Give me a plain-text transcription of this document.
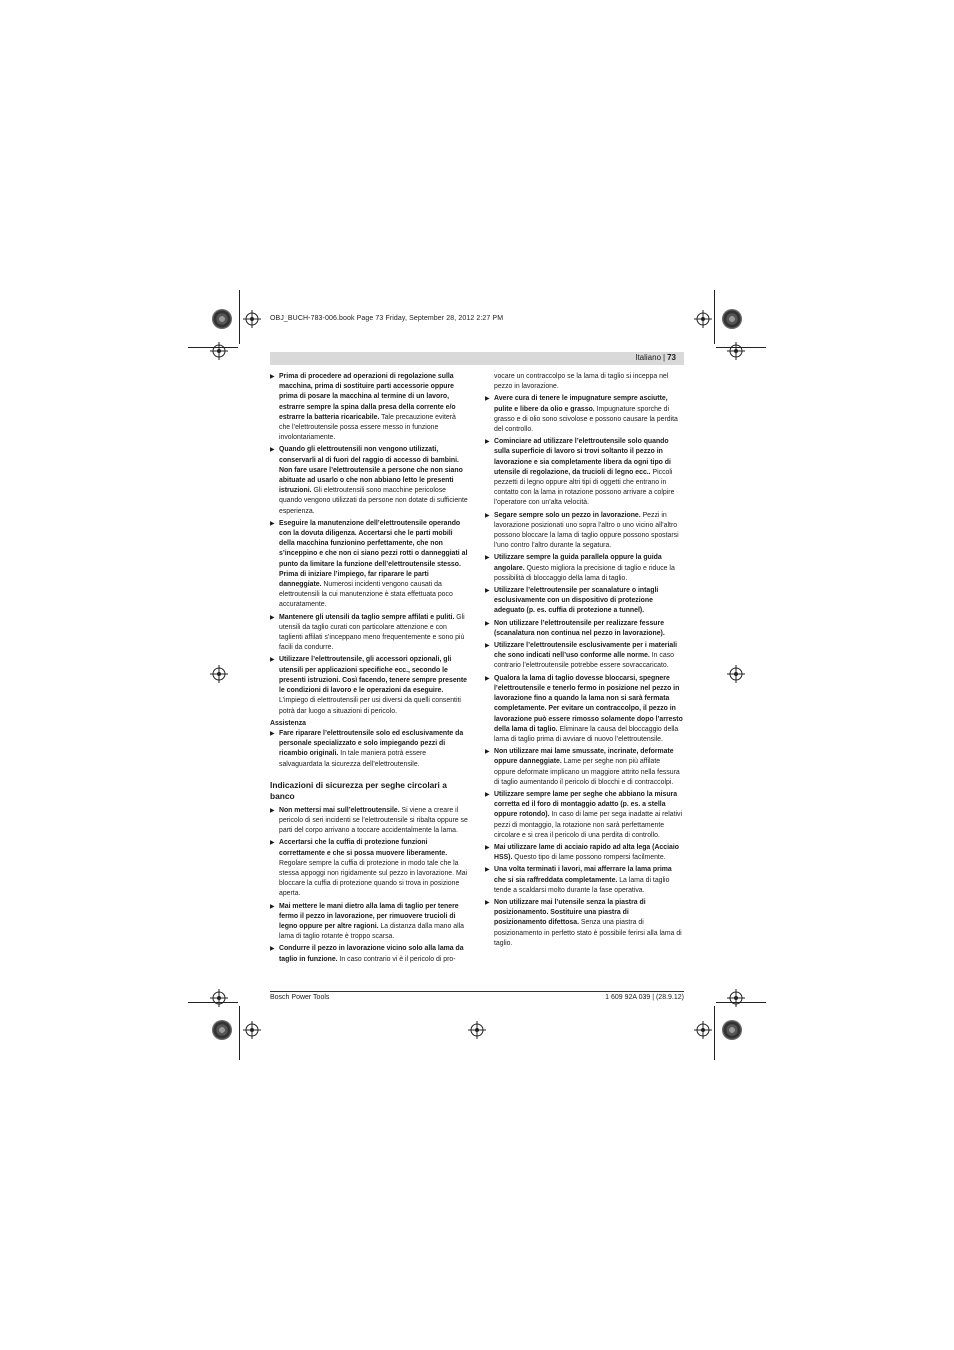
OBJ_BUCH-783-006.book Page 73 Friday, September 28, 2012 2:27 PM
Italiano | 73
▶ Prima di procedere ad operazioni di regolazione sulla macchina, prima di sostituire parti accessorie oppure prima di posare la macchina al termine di un lavoro, estrarre sempre la spina dalla presa della corrente e/o estrarre la batteria ricaricabile. Tale precauzione eviterà che l’elettroutensile possa essere messo in funzione involontariamente.
▶ Quando gli elettroutensili non vengono utilizzati, conservarli al di fuori del raggio di accesso di bambini. Non fare usare l’elettroutensile a persone che non siano abituate ad usarlo o che non abbiano letto le presenti istruzioni. Gli elettroutensili sono macchine pericolose quando vengono utilizzati da persone non dotate di sufficiente esperienza.
▶ Eseguire la manutenzione dell’elettroutensile operando con la dovuta diligenza. Accertarsi che le parti mobili della macchina funzionino perfettamente, che non s’inceppino e che non ci siano pezzi rotti o danneggiati al punto da limitare la funzione dell’elettroutensile stesso. Prima di iniziare l’impiego, far riparare le parti danneggiate. Numerosi incidenti vengono causati da elettroutensili la cui manutenzione è stata effettuata poco accuratamente.
▶ Mantenere gli utensili da taglio sempre affilati e puliti. Gli utensili da taglio curati con particolare attenzione e con taglienti affilati s’inceppano meno frequentemente e sono più facili da condurre.
▶ Utilizzare l’elettroutensile, gli accessori opzionali, gli utensili per applicazioni specifiche ecc., secondo le presenti istruzioni. Così facendo, tenere sempre presente le condizioni di lavoro e le operazioni da eseguire. L’impiego di elettroutensili per usi diversi da quelli consentiti potrà dar luogo a situazioni di pericolo.
Assistenza
▶ Fare riparare l’elettroutensile solo ed esclusivamente da personale specializzato e solo impiegando pezzi di ricambio originali. In tale maniera potrà essere salvaguardata la sicurezza dell’elettroutensile.
Indicazioni di sicurezza per seghe circolari a banco
▶ Non mettersi mai sull’elettroutensile. Si viene a creare il pericolo di seri incidenti se l’elettroutensile si ribalta oppure se parti del corpo arrivano a toccare accidentalmente la lama.
▶ Accertarsi che la cuffia di protezione funzioni correttamente e che si possa muovere liberamente. Regolare sempre la cuffia di protezione in modo tale che la stessa appoggi non rigidamente sul pezzo in lavorazione. Mai bloccare la cuffia di protezione quando si trova in posizione aperta.
▶ Mai mettere le mani dietro alla lama di taglio per tenere fermo il pezzo in lavorazione, per rimuovere trucioli di legno oppure per altre ragioni. La distanza dalla mano alla lama di taglio rotante è troppo scarsa.
▶ Condurre il pezzo in lavorazione vicino solo alla lama da taglio in funzione. In caso contrario vi è il pericolo di pro-
vocare un contraccolpo se la lama di taglio si inceppa nel pezzo in lavorazione.
▶ Avere cura di tenere le impugnature sempre asciutte, pulite e libere da olio e grasso. Impugnature sporche di grasso e di olio sono scivolose e possono causare la perdita del controllo.
▶ Cominciare ad utilizzare l’elettroutensile solo quando sulla superficie di lavoro si trovi soltanto il pezzo in lavorazione e sia completamente libera da ogni tipo di utensile di regolazione, da trucioli di legno ecc.. Piccoli pezzetti di legno oppure altri tipi di oggetti che entrano in contatto con la lama in rotazione possono arrivare a colpire l’operatore con un’alta velocità.
▶ Segare sempre solo un pezzo in lavorazione. Pezzi in lavorazione posizionati uno sopra l’altro o uno vicino all’altro possono bloccare la lama di taglio oppure possono spostarsi l’uno contro l’altro durante la segatura.
▶ Utilizzare sempre la guida parallela oppure la guida angolare. Questo migliora la precisione di taglio e riduce la possibilità di bloccaggio della lama di taglio.
▶ Utilizzare l’elettroutensile per scanalature o intagli esclusivamente con un dispositivo di protezione adeguato (p. es. cuffia di protezione a tunnel).
▶ Non utilizzare l’elettroutensile per realizzare fessure (scanalatura non continua nel pezzo in lavorazione).
▶ Utilizzare l’elettroutensile esclusivamente per i materiali che sono indicati nell’uso conforme alle norme. In caso contrario l’elettroutensile potrebbe essere sovraccaricato.
▶ Qualora la lama di taglio dovesse bloccarsi, spegnere l’elettroutensile e tenerlo fermo in posizione nel pezzo in lavorazione fino a quando la lama non si sarà fermata completamente. Per evitare un contraccolpo, il pezzo in lavorazione può essere rimosso solamente dopo l’arresto della lama di taglio. Eliminare la causa del bloccaggio della lama di taglio prima di avviare di nuovo l’elettroutensile.
▶ Non utilizzare mai lame smussate, incrinate, deformate oppure danneggiate. Lame per seghe non più affilate oppure deformate implicano un maggiore attrito nella fessura di taglio aumentando il pericolo di blocchi e di contraccolpi.
▶ Utilizzare sempre lame per seghe che abbiano la misura corretta ed il foro di montaggio adatto (p. es. a stella oppure rotondo). In caso di lame per sega inadatte ai relativi pezzi di montaggio, la rotazione non sarà perfettamente circolare e si crea il pericolo di una perdita di controllo.
▶ Mai utilizzare lame di acciaio rapido ad alta lega (Acciaio HSS). Questo tipo di lame possono rompersi facilmente.
▶ Una volta terminati i lavori, mai afferrare la lama prima che si sia raffreddata completamente. La lama di taglio tende a scaldarsi molto durante la fase operativa.
▶ Non utilizzare mai l’utensile senza la piastra di posizionamento. Sostituire una piastra di posizionamento difettosa. Senza una piastra di posizionamento in perfetto stato è possibile ferirsi alla lama di taglio.
Bosch Power Tools	1 609 92A 039 | (28.9.12)
